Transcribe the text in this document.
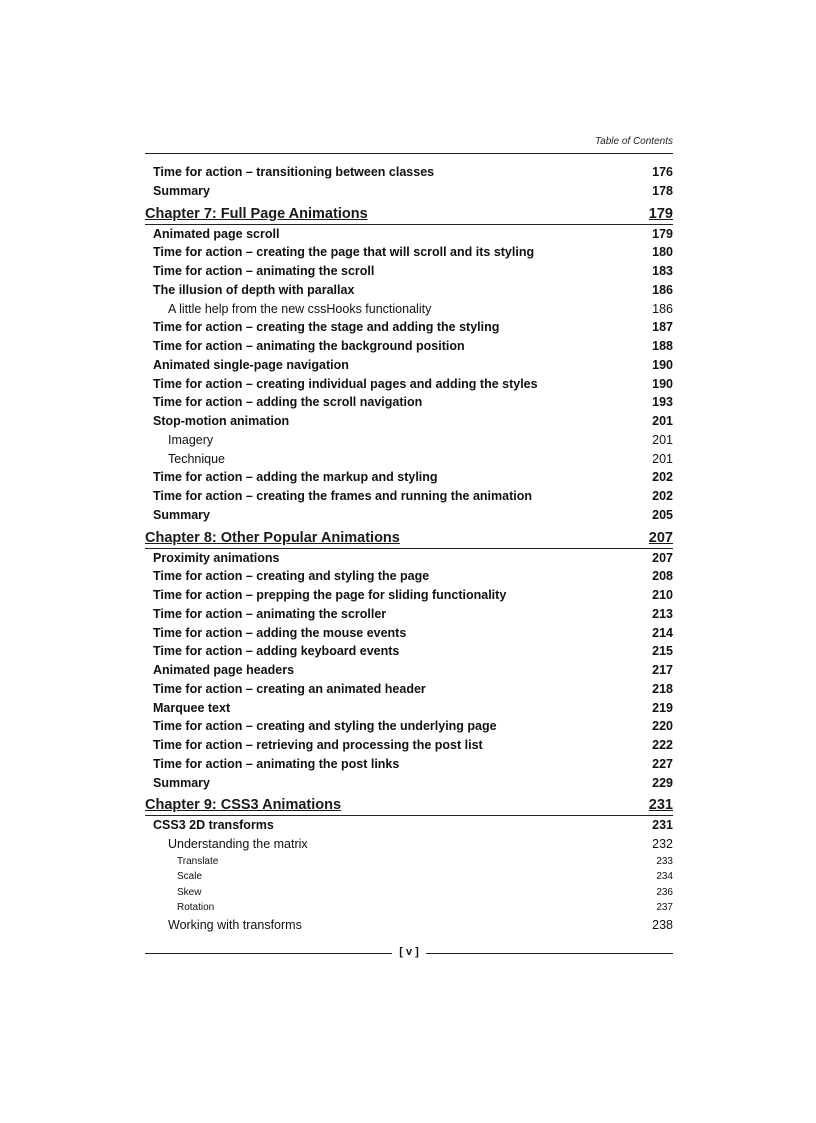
Table of Contents
Time for action – transitioning between classes	176
Summary	178
Chapter 7: Full Page Animations	179
Animated page scroll	179
Time for action – creating the page that will scroll and its styling	180
Time for action – animating the scroll	183
The illusion of depth with parallax	186
A little help from the new cssHooks functionality	186
Time for action – creating the stage and adding the styling	187
Time for action – animating the background position	188
Animated single-page navigation	190
Time for action – creating individual pages and adding the styles	190
Time for action – adding the scroll navigation	193
Stop-motion animation	201
Imagery	201
Technique	201
Time for action – adding the markup and styling	202
Time for action – creating the frames and running the animation	202
Summary	205
Chapter 8: Other Popular Animations	207
Proximity animations	207
Time for action – creating and styling the page	208
Time for action – prepping the page for sliding functionality	210
Time for action – animating the scroller	213
Time for action – adding the mouse events	214
Time for action – adding keyboard events	215
Animated page headers	217
Time for action – creating an animated header	218
Marquee text	219
Time for action – creating and styling the underlying page	220
Time for action – retrieving and processing the post list	222
Time for action – animating the post links	227
Summary	229
Chapter 9: CSS3 Animations	231
CSS3 2D transforms	231
Understanding the matrix	232
Translate	233
Scale	234
Skew	236
Rotation	237
Working with transforms	238
[ v ]
